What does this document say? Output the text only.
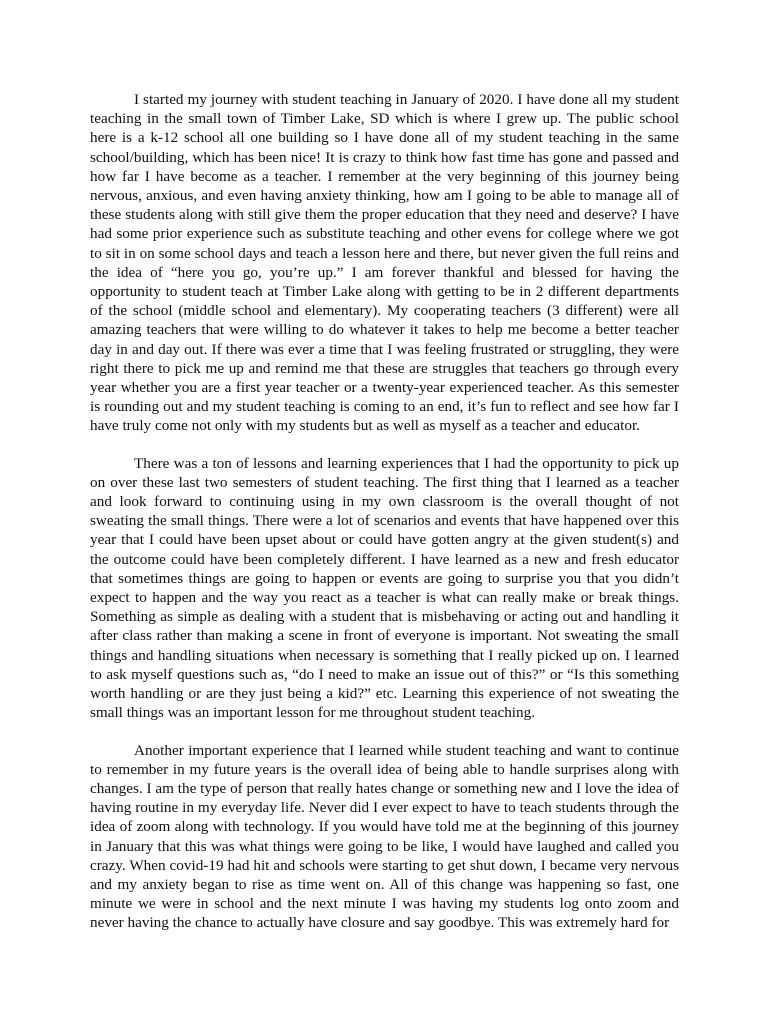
I started my journey with student teaching in January of 2020. I have done all my student teaching in the small town of Timber Lake, SD which is where I grew up. The public school here is a k-12 school all one building so I have done all of my student teaching in the same school/building, which has been nice! It is crazy to think how fast time has gone and passed and how far I have become as a teacher. I remember at the very beginning of this journey being nervous, anxious, and even having anxiety thinking, how am I going to be able to manage all of these students along with still give them the proper education that they need and deserve? I have had some prior experience such as substitute teaching and other evens for college where we got to sit in on some school days and teach a lesson here and there, but never given the full reins and the idea of “here you go, you’re up.” I am forever thankful and blessed for having the opportunity to student teach at Timber Lake along with getting to be in 2 different departments of the school (middle school and elementary). My cooperating teachers (3 different) were all amazing teachers that were willing to do whatever it takes to help me become a better teacher day in and day out. If there was ever a time that I was feeling frustrated or struggling, they were right there to pick me up and remind me that these are struggles that teachers go through every year whether you are a first year teacher or a twenty-year experienced teacher. As this semester is rounding out and my student teaching is coming to an end, it’s fun to reflect and see how far I have truly come not only with my students but as well as myself as a teacher and educator.

There was a ton of lessons and learning experiences that I had the opportunity to pick up on over these last two semesters of student teaching. The first thing that I learned as a teacher and look forward to continuing using in my own classroom is the overall thought of not sweating the small things. There were a lot of scenarios and events that have happened over this year that I could have been upset about or could have gotten angry at the given student(s) and the outcome could have been completely different. I have learned as a new and fresh educator that sometimes things are going to happen or events are going to surprise you that you didn’t expect to happen and the way you react as a teacher is what can really make or break things. Something as simple as dealing with a student that is misbehaving or acting out and handling it after class rather than making a scene in front of everyone is important. Not sweating the small things and handling situations when necessary is something that I really picked up on. I learned to ask myself questions such as, “do I need to make an issue out of this?” or “Is this something worth handling or are they just being a kid?” etc. Learning this experience of not sweating the small things was an important lesson for me throughout student teaching.

Another important experience that I learned while student teaching and want to continue to remember in my future years is the overall idea of being able to handle surprises along with changes. I am the type of person that really hates change or something new and I love the idea of having routine in my everyday life. Never did I ever expect to have to teach students through the idea of zoom along with technology. If you would have told me at the beginning of this journey in January that this was what things were going to be like, I would have laughed and called you crazy. When covid-19 had hit and schools were starting to get shut down, I became very nervous and my anxiety began to rise as time went on. All of this change was happening so fast, one minute we were in school and the next minute I was having my students log onto zoom and never having the chance to actually have closure and say goodbye. This was extremely hard for
